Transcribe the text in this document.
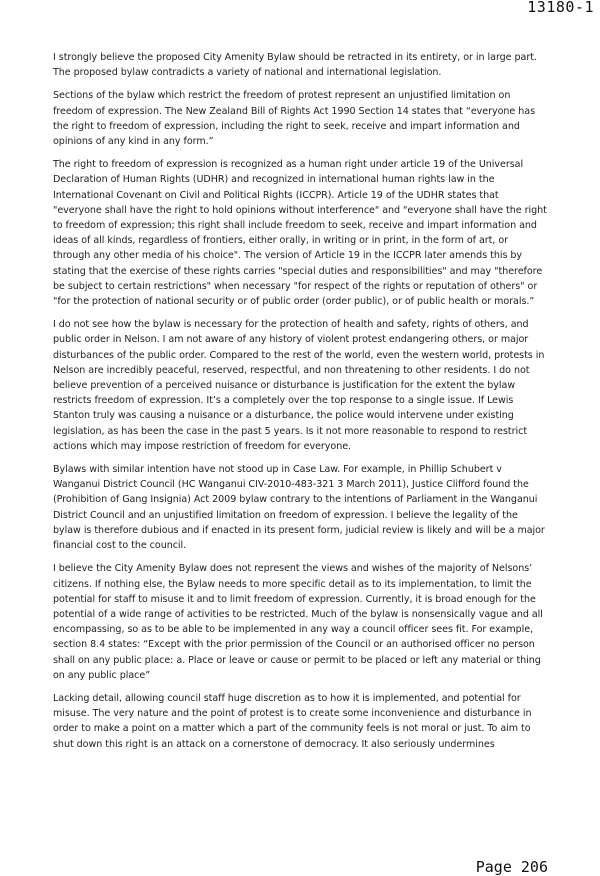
13180-1

I strongly believe the proposed City Amenity Bylaw should be retracted in its entirety, or in large part. The proposed bylaw contradicts a variety of national and international legislation.

Sections of the bylaw which restrict the freedom of protest represent an unjustified limitation on freedom of expression. The New Zealand Bill of Rights Act 1990 Section 14 states that “everyone has the right to freedom of expression, including the right to seek, receive and impart information and opinions of any kind in any form.”

The right to freedom of expression is recognized as a human right under article 19 of the Universal Declaration of Human Rights (UDHR) and recognized in international human rights law in the International Covenant on Civil and Political Rights (ICCPR). Article 19 of the UDHR states that "everyone shall have the right to hold opinions without interference" and "everyone shall have the right to freedom of expression; this right shall include freedom to seek, receive and impart information and ideas of all kinds, regardless of frontiers, either orally, in writing or in print, in the form of art, or through any other media of his choice". The version of Article 19 in the ICCPR later amends this by stating that the exercise of these rights carries "special duties and responsibilities" and may "therefore be subject to certain restrictions" when necessary "for respect of the rights or reputation of others" or "for the protection of national security or of public order (order public), or of public health or morals.”

I do not see how the bylaw is necessary for the protection of health and safety, rights of others, and public order in Nelson. I am not aware of any history of violent protest endangering others, or major disturbances of the public order. Compared to the rest of the world, even the western world, protests in Nelson are incredibly peaceful, reserved, respectful, and non threatening to other residents. I do not believe prevention of a perceived nuisance or disturbance is justification for the extent the bylaw restricts freedom of expression. It’s a completely over the top response to a single issue. If Lewis Stanton truly was causing a nuisance or a disturbance, the police would intervene under existing legislation, as has been the case in the past 5 years. Is it not more reasonable to respond to restrict actions which may impose restriction of freedom for everyone.

Bylaws with similar intention have not stood up in Case Law. For example, in Phillip Schubert v Wanganui District Council (HC Wanganui CIV-2010-483-321 3 March 2011), Justice Clifford found the (Prohibition of Gang Insignia) Act 2009 bylaw contrary to the intentions of Parliament in the Wanganui District Council and an unjustified limitation on freedom of expression. I believe the legality of the bylaw is therefore dubious and if enacted in its present form, judicial review is likely and will be a major financial cost to the council.

I believe the City Amenity Bylaw does not represent the views and wishes of the majority of Nelsons’ citizens. If nothing else, the Bylaw needs to more specific detail as to its implementation, to limit the potential for staff to misuse it and to limit freedom of expression. Currently, it is broad enough for the potential of a wide range of activities to be restricted. Much of the bylaw is nonsensically vague and all encompassing, so as to be able to be implemented in any way a council officer sees fit. For example, section 8.4 states: “Except with the prior permission of the Council or an authorised officer no person shall on any public place: a. Place or leave or cause or permit to be placed or left any material or thing on any public place”

Lacking detail, allowing council staff huge discretion as to how it is implemented, and potential for misuse. The very nature and the point of protest is to create some inconvenience and disturbance in order to make a point on a matter which a part of the community feels is not moral or just. To aim to shut down this right is an attack on a cornerstone of democracy. It also seriously undermines

Page 206
